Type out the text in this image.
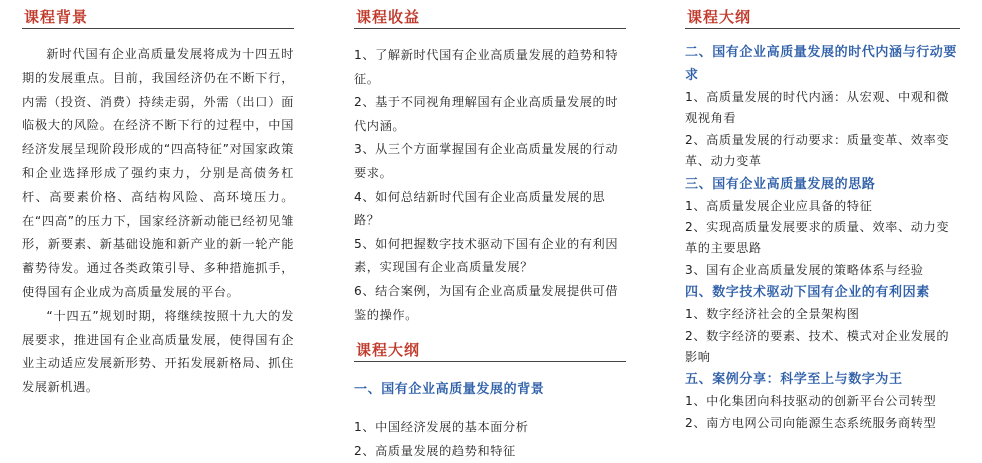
课程背景

新时代国有企业高质量发展将成为十四五时期的发展重点。目前，我国经济仍在不断下行，内需（投资、消费）持续走弱，外需（出口）面临极大的风险。在经济不断下行的过程中，中国经济发展呈现阶段形成的“四高特征”对国家政策和企业选择形成了强约束力，分别是高债务杠杆、高要素价格、高结构风险、高环境压力。在“四高”的压力下，国家经济新动能已经初见雏形，新要素、新基础设施和新产业的新一轮产能蓄势待发。通过各类政策引导、多种措施抓手，使得国有企业成为高质量发展的平台。

“十四五”规划时期，将继续按照十九大的发展要求，推进国有企业高质量发展，使得国有企业主动适应发展新形势、开拓发展新格局、抓住发展新机遇。

课程收益
1、了解新时代国有企业高质量发展的趋势和特征。
2、基于不同视角理解国有企业高质量发展的时代内涵。
3、从三个方面掌握国有企业高质量发展的行动要求。
4、如何总结新时代国有企业高质量发展的思路？
5、如何把握数字技术驱动下国有企业的有利因素，实现国有企业高质量发展？
6、结合案例，为国有企业高质量发展提供可借鉴的操作。
课程大纲
一、国有企业高质量发展的背景
1、中国经济发展的基本面分析
2、高质量发展的趋势和特征
课程大纲
二、国有企业高质量发展的时代内涵与行动要求
1、高质量发展的时代内涵：从宏观、中观和微观视角看
2、高质量发展的行动要求：质量变革、效率变革、动力变革
三、国有企业高质量发展的思路
1、高质量发展企业应具备的特征
2、实现高质量发展要求的质量、效率、动力变革的主要思路
3、国有企业高质量发展的策略体系与经验
四、数字技术驱动下国有企业的有利因素
1、数字经济社会的全景架构图
2、数字经济的要素、技术、模式对企业发展的影响
五、案例分享：科学至上与数字为王
1、中化集团向科技驱动的创新平台公司转型
2、南方电网公司向能源生态系统服务商转型
